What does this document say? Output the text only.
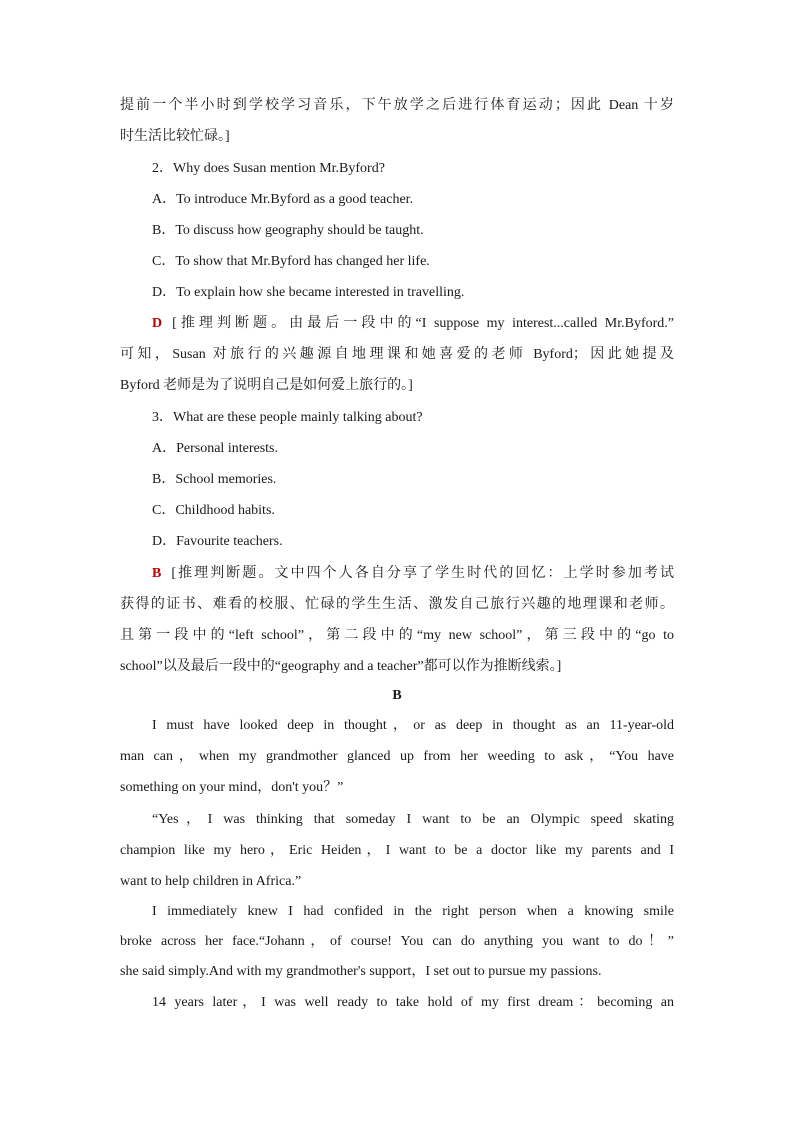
提前一个半小时到学校学习音乐，下午放学之后进行体育运动；因此 Dean 十岁
时生活比较忙碌。]
2．Why does Susan mention Mr.Byford?
A．To introduce Mr.Byford as a good teacher.
B．To discuss how geography should be taught.
C．To show that Mr.Byford has changed her life.
D．To explain how she became interested in travelling.
D [推理判断题。由最后一段中的“I suppose my interest...called Mr.Byford.”
可知，Susan 对旅行的兴趣源自地理课和她喜爱的老师 Byford；因此她提及
Byford 老师是为了说明自己是如何爱上旅行的。]
3．What are these people mainly talking about?
A．Personal interests.
B．School memories.
C．Childhood habits.
D．Favourite teachers.
B [推理判断题。文中四个人各自分享了学生时代的回忆：上学时参加考试
获得的证书、难看的校服、忙碌的学生生活、激发自己旅行兴趣的地理课和老师。
且第一段中的“left school”，第二段中的“my new school”，第三段中的“go to
school”以及最后一段中的“geography and a teacher”都可以作为推断线索。]
B
I must have looked deep in thought，or as deep in thought as an 11-year-old
man can，when my grandmother glanced up from her weeding to ask，“You have
something on your mind，don't you？”
“Yes，I was thinking that someday I want to be an Olympic speed skating
champion like my hero，Eric Heiden，I want to be a doctor like my parents and I
want to help children in Africa.”
I immediately knew I had confided in the right person when a knowing smile
broke across her face.“Johann，of course! You can do anything you want to do！”
she said simply.And with my grandmother's support，I set out to pursue my passions.
14 years later，I was well ready to take hold of my first dream：becoming an
